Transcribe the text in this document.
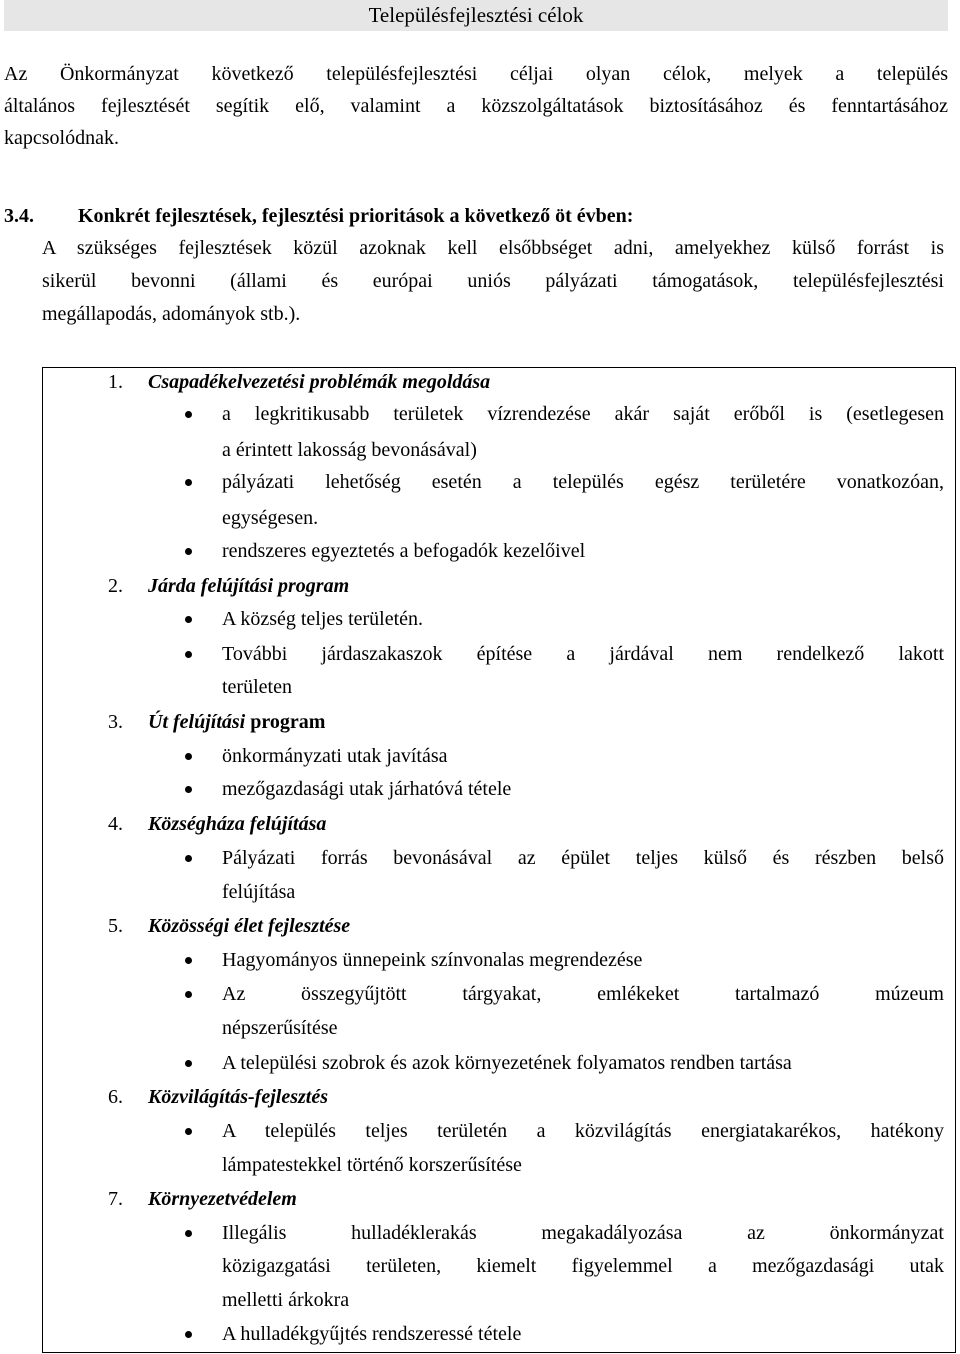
Településfejlesztési célok
Az Önkormányzat következő településfejlesztési céljai olyan célok, melyek a település
általános fejlesztését segítik elő, valamint a közszolgáltatások biztosításához és fenntartásához
kapcsolódnak.
3.4. Konkrét fejlesztések, fejlesztési prioritások a következő öt évben:
A szükséges fejlesztések közül azoknak kell elsőbbséget adni, amelyekhez külső forrást is
sikerül bevonni (állami és európai uniós pályázati támogatások, településfejlesztési
megállapodás, adományok stb.).
1. Csapadékelvezetési problémák megoldása
a legkritikusabb területek vízrendezése akár saját erőből is (esetlegesen
a érintett lakosság bevonásával)
pályázati lehetőség esetén a település egész területére vonatkozóan,
egységesen.
rendszeres egyeztetés a befogadók kezelőivel
2. Járda felújítási program
A község teljes területén.
További járdaszakaszok építése a járdával nem rendelkező lakott
területen
3. Út felújítási program
önkormányzati utak javítása
mezőgazdasági utak járhatóvá tétele
4. Községháza felújítása
Pályázati forrás bevonásával az épület teljes külső és részben belső
felújítása
5. Közösségi élet fejlesztése
Hagyományos ünnepeink színvonalas megrendezése
Az összegyűjtött tárgyakat, emlékeket tartalmazó múzeum
népszerűsítése
A települési szobrok és azok környezetének folyamatos rendben tartása
6. Közvilágítás-fejlesztés
A település teljes területén a közvilágítás energiatakarékos, hatékony
lámpatestekkel történő korszerűsítése
7. Környezetvédelem
Illegális hulladéklerakás megakadályozása az önkormányzat
közigazgatási területen, kiemelt figyelemmel a mezőgazdasági utak
melletti árkokra
A hulladékgyűjtés rendszeressé tétele
